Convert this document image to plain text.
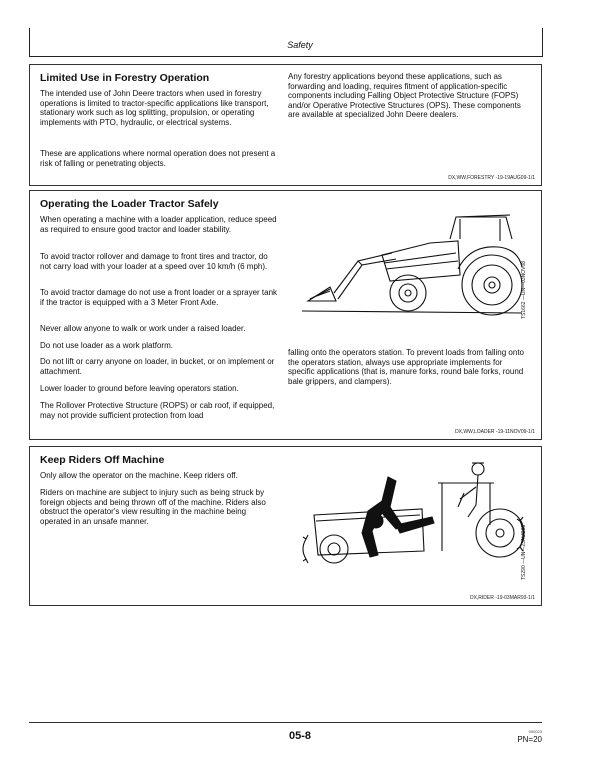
Safety
Limited Use in Forestry Operation
The intended use of John Deere tractors when used in forestry operations is limited to tractor-specific applications like transport, stationary work such as log splitting, propulsion, or operating implements with PTO, hydraulic, or electrical systems.
These are applications where normal operation does not present a risk of falling or penetrating objects.
Any forestry applications beyond these applications, such as forwarding and loading, requires fitment of application-specific components including Falling Object Protective Structure (FOPS) and/or Operative Protective Structures (OPS). These components are available at specialized John Deere dealers.
DX,WW,FORESTRY -19-19AUG09-1/1
Operating the Loader Tractor Safely
When operating a machine with a loader application, reduce speed as required to ensure good tractor and loader stability.
To avoid tractor rollover and damage to front tires and tractor, do not carry load with your loader at a speed over 10 km/h (6 mph).
To avoid tractor damage do not use a front loader or a sprayer tank if the tractor is equipped with a 3 Meter Front Axle.
Never allow anyone to walk or work under a raised loader.
Do not use loader as a work platform.
Do not lift or carry anyone on loader, in bucket, or on implement or attachment.
Lower loader to ground before leaving operators station.
The Rollover Protective Structure (ROPS) or cab roof, if equipped, may not provide sufficient protection from load
falling onto the operators station. To prevent loads from falling onto the operators station, always use appropriate implements for specific applications (that is, manure forks, round bale forks, round bale grippers, and clampers).
TS1662 —UN—03NOV08
DX,WW,LOADER -19-11NOV09-1/1
Keep Riders Off Machine
Only allow the operator on the machine. Keep riders off.
Riders on machine are subject to injury such as being struck by foreign objects and being thrown off of the machine. Riders also obstruct the operator's view resulting in the machine being operated in an unsafe manner.
TS290 —UN—23AUG88
DX,RIDER -19-03MAR93-1/1
05-8	000023
PN=20
